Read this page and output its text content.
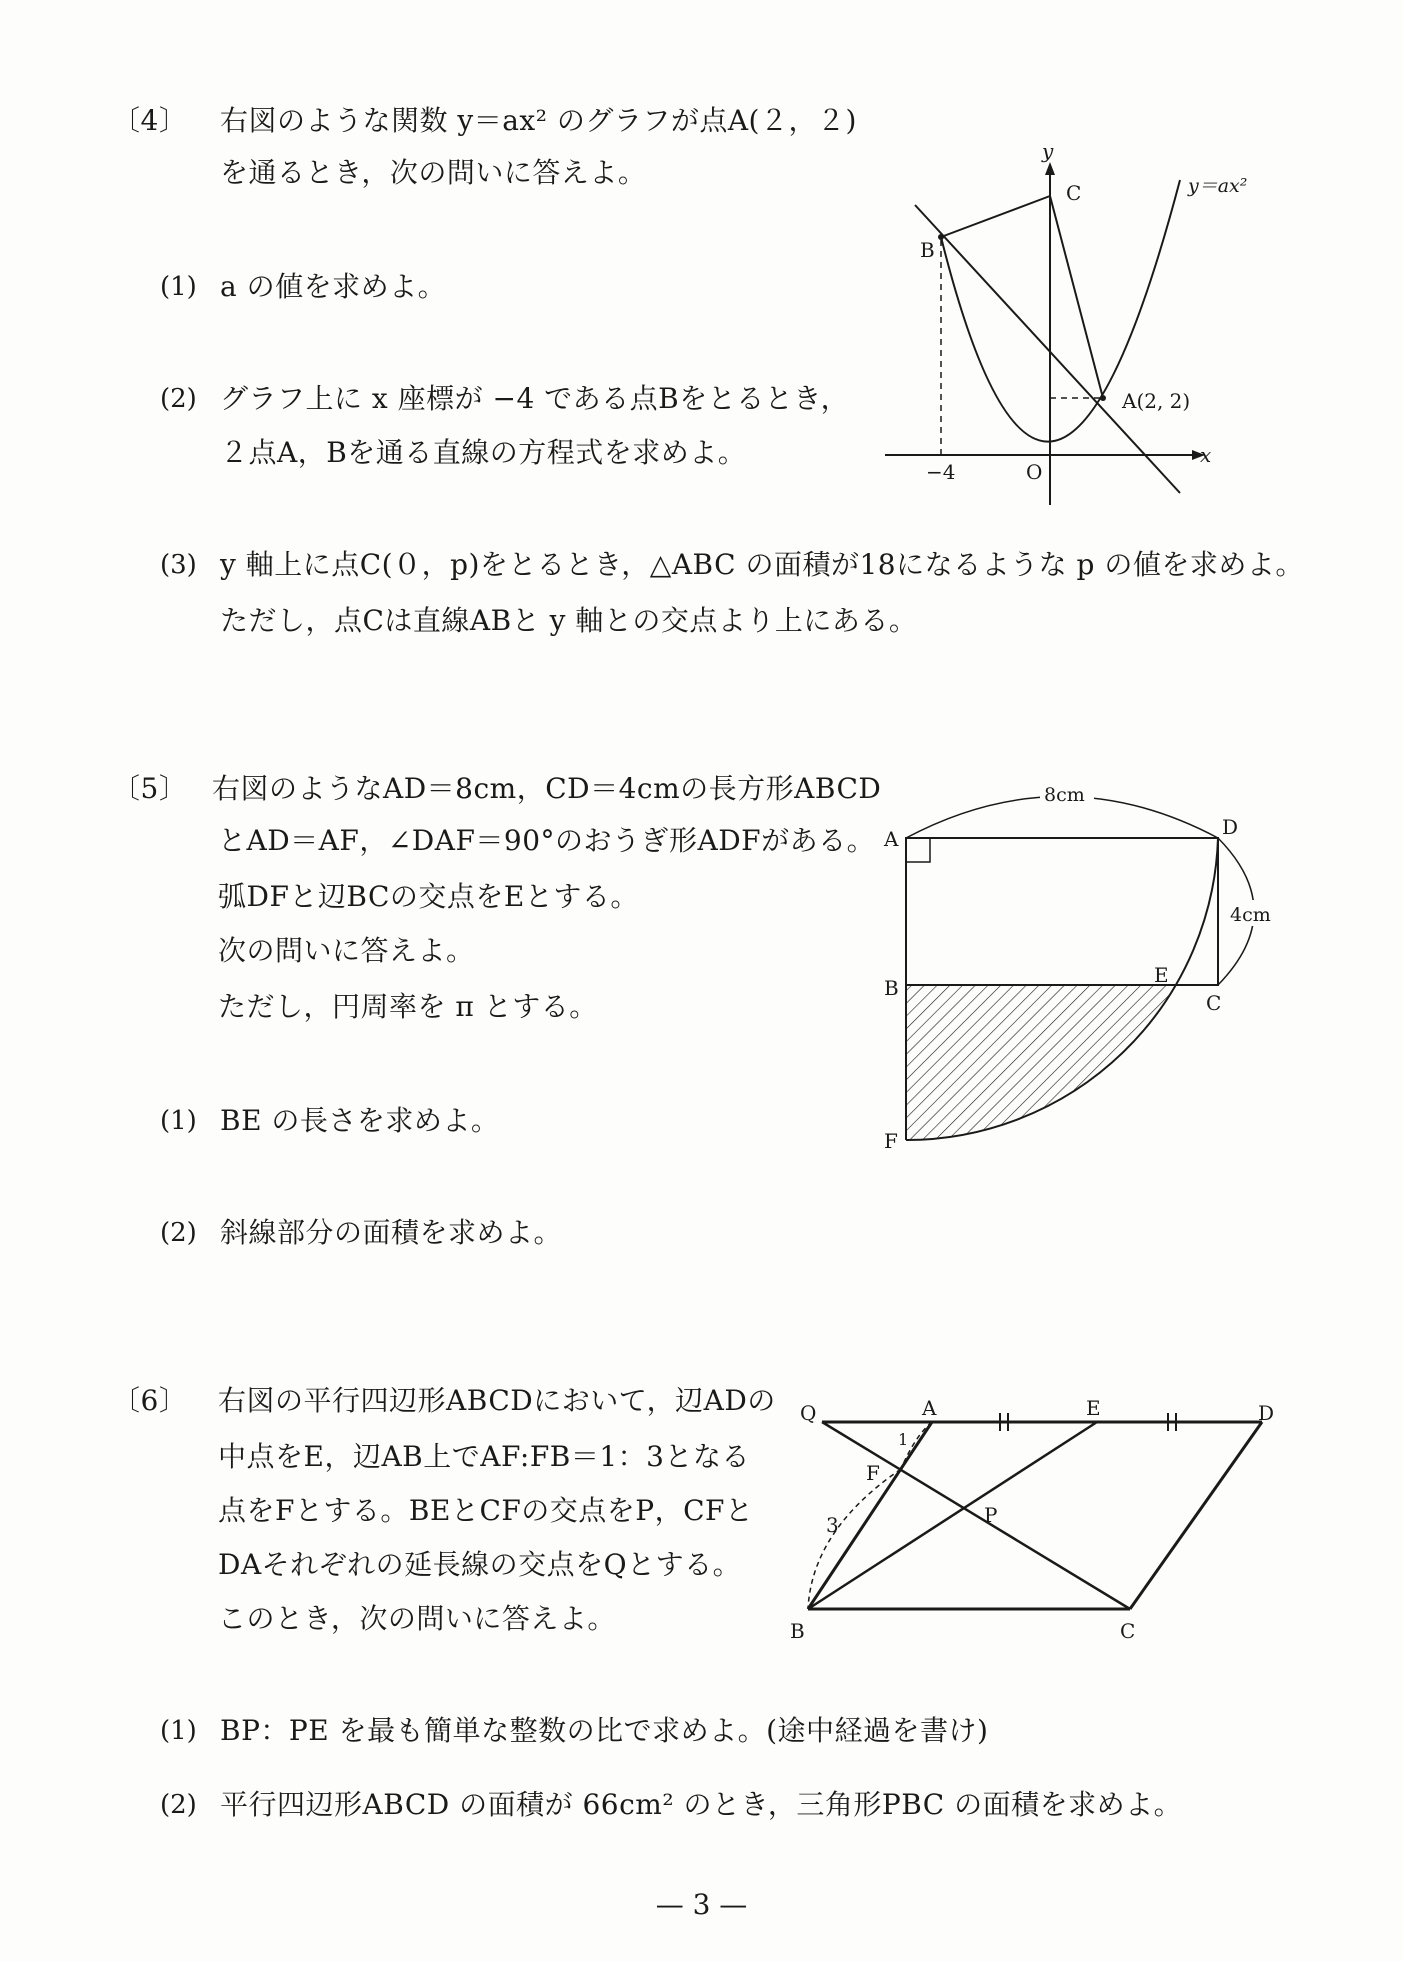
〔4〕 右図のような関数 y＝ax² のグラフが点A(２，２)
を通るとき，次の問いに答えよ。
(1) a の値を求めよ。
(2) グラフ上に x 座標が −4 である点Bをとるとき，
２点A，Bを通る直線の方程式を求めよ。
(3) y 軸上に点C(０，p)をとるとき，△ABC の面積が18になるような p の値を求めよ。
ただし，点Cは直線ABと y 軸との交点より上にある。
y
x
y＝ax²
C
B
A(2, 2)
O
−4
〔5〕 右図のようなAD＝8cm，CD＝4cmの長方形ABCD
とAD＝AF，∠DAF＝90°のおうぎ形ADFがある。
弧DFと辺BCの交点をEとする。
次の問いに答えよ。
ただし，円周率を π とする。
(1) BE の長さを求めよ。
(2) 斜線部分の面積を求めよ。
8cm
4cm
A	D
B
C
E
F
〔6〕 右図の平行四辺形ABCDにおいて，辺ADの
中点をE，辺AB上でAF:FB＝1：3となる
点をFとする。BEとCFの交点をP，CFと
DAそれぞれの延長線の交点をQとする。
このとき，次の問いに答えよ。
(1) BP：PE を最も簡単な整数の比で求めよ。(途中経過を書け)
(2) 平行四辺形ABCD の面積が 66cm² のとき，三角形PBC の面積を求めよ。
Q	A	E	D
F
P
B	C
1
3
— 3 —
